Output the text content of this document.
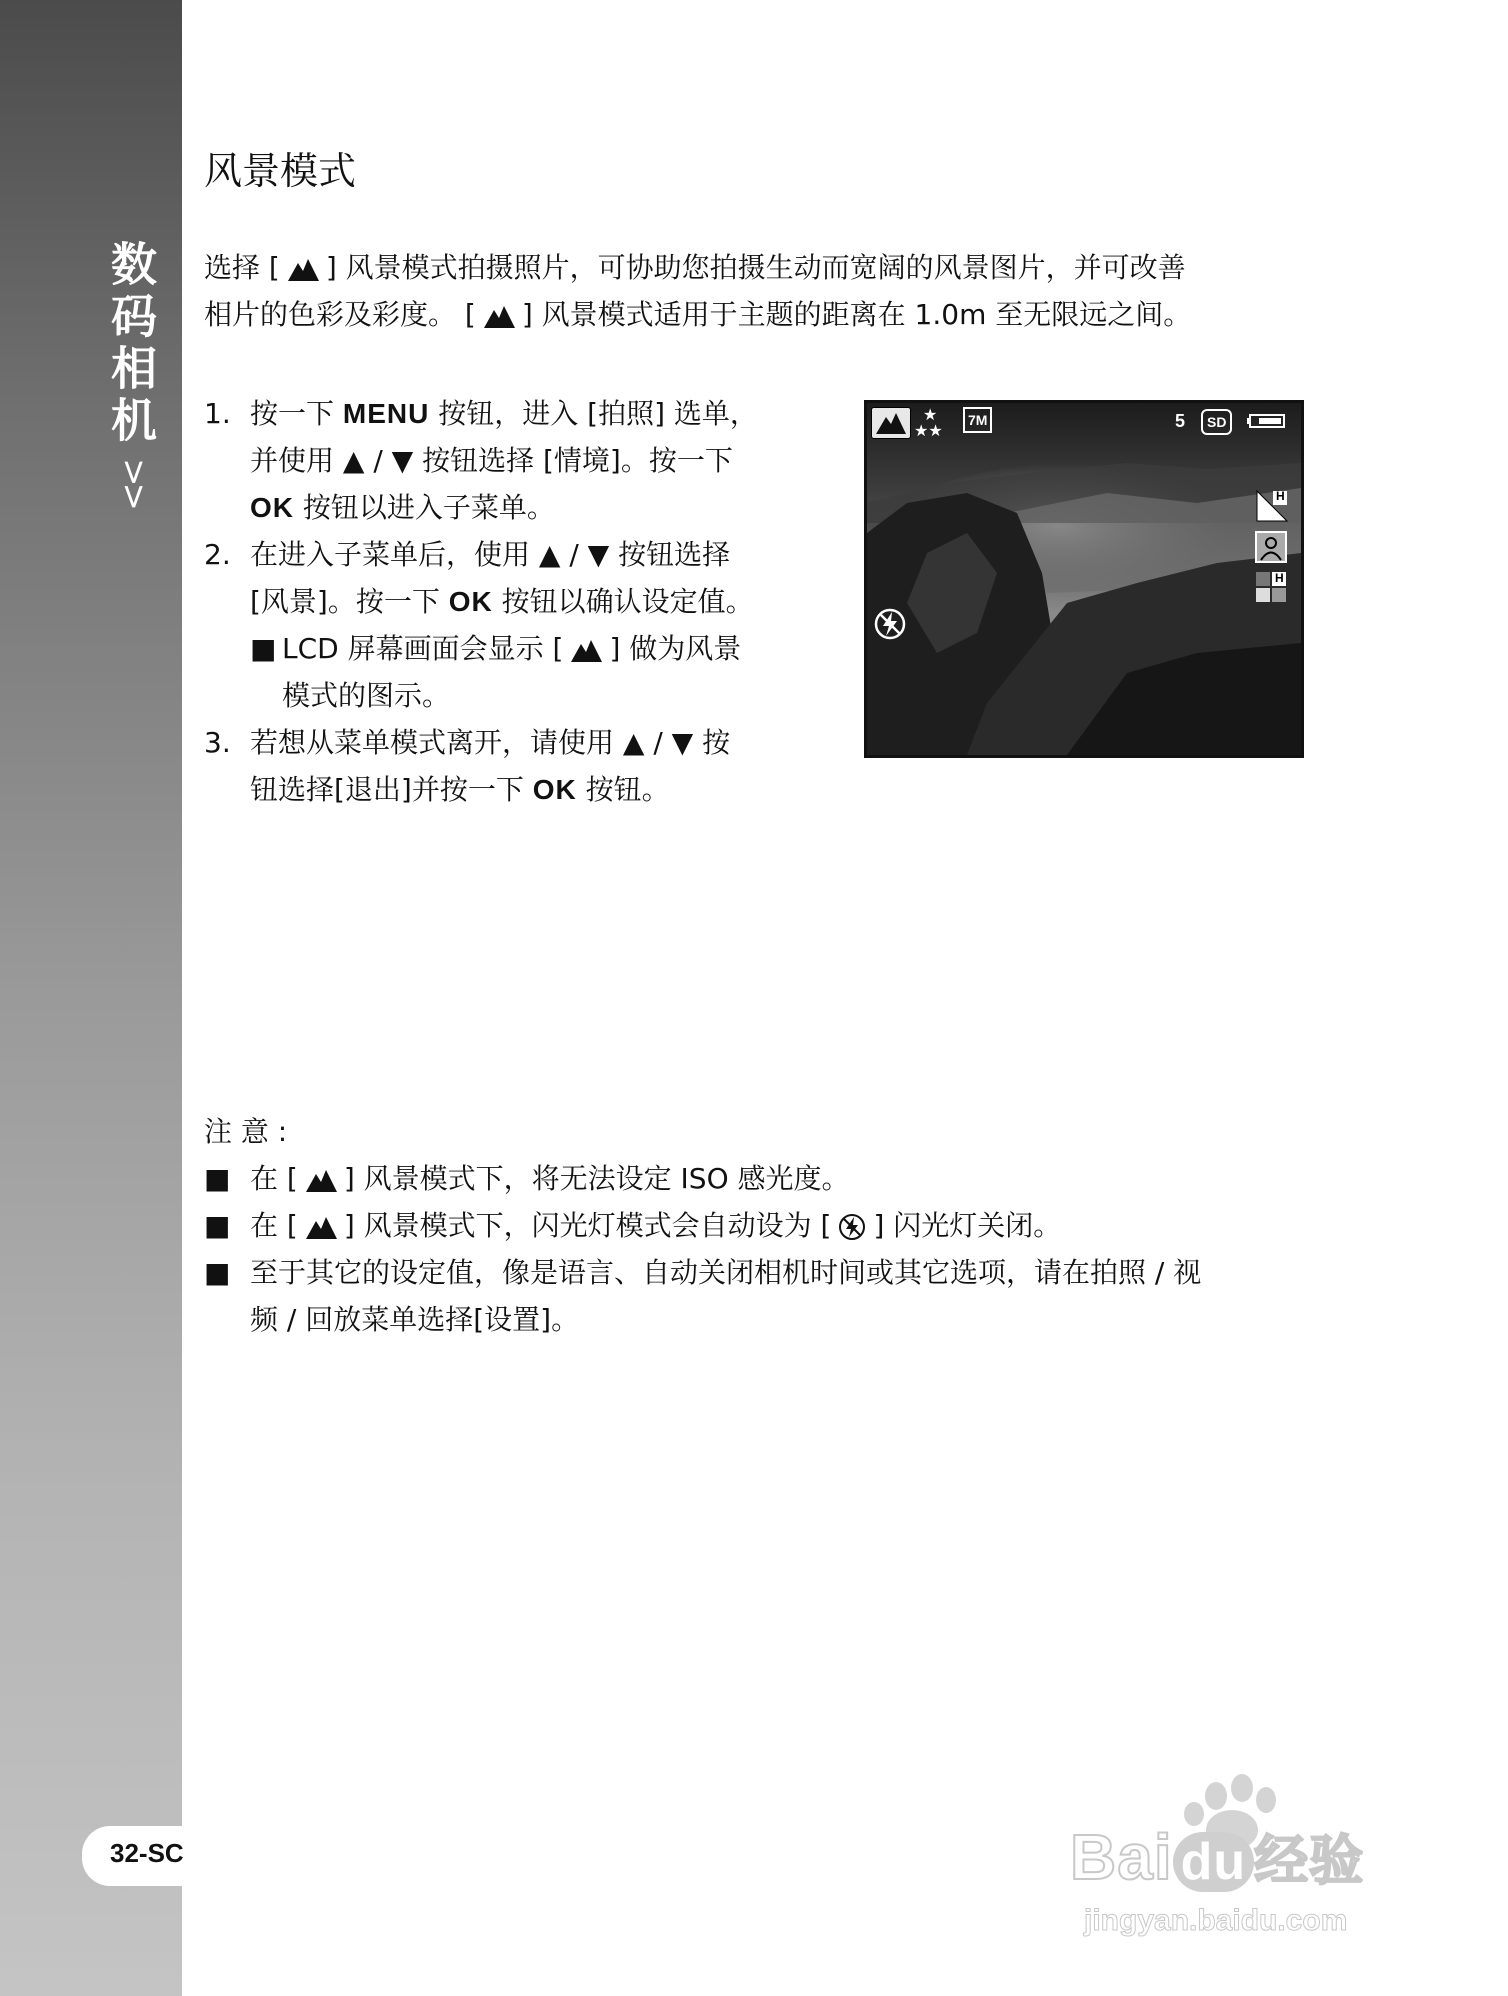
数码相机
>>
32-SC
风景模式
选择 [ ] 风景模式拍摄照片，可协助您拍摄生动而宽阔的风景图片，并可改善
相片的色彩及彩度。 [ ] 风景模式适用于主题的距离在 1.0m 至无限远之间。
1. 按一下 MENU 按钮，进入 [拍照] 选单，
并使用 ▲ / ▼ 按钮选择 [情境]。按一下
OK 按钮以进入子菜单。
2. 在进入子菜单后，使用 ▲ / ▼ 按钮选择
[风景]。按一下 OK 按钮以确认设定值。
■ LCD 屏幕画面会显示 [ ] 做为风景
模式的图示。
3. 若想从菜单模式离开，请使用 ▲ / ▼ 按
钮选择[退出]并按一下 OK 按钮。
★
★★
7M	5	SD
H
H
注 意 :
■ 在 [ ] 风景模式下，将无法设定 ISO 感光度。
■ 在 [ ] 风景模式下，闪光灯模式会自动设为 [ ] 闪光灯关闭。
■ 至于其它的设定值，像是语言、自动关闭相机时间或其它选项，请在拍照 / 视
频 / 回放菜单选择[设置]。
Bai du 经验
jingyan.baidu.com
